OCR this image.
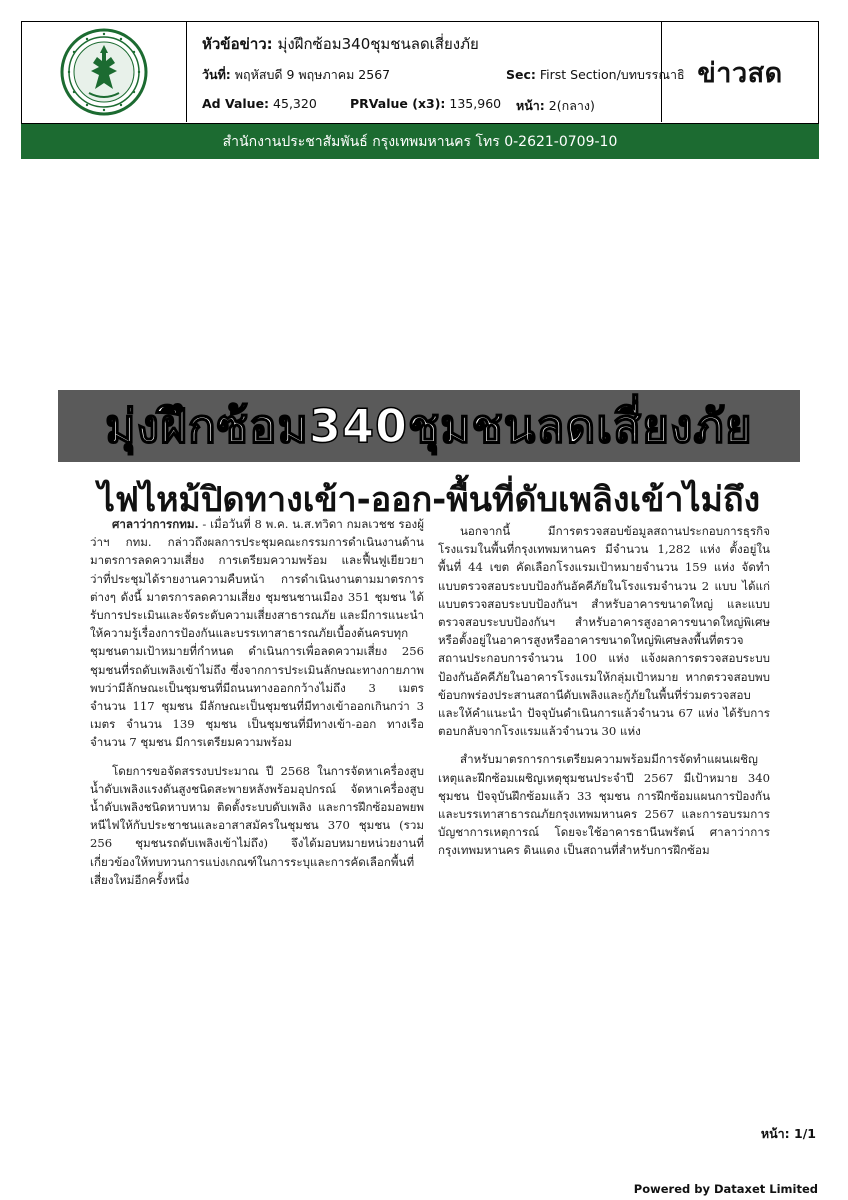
หัวข้อข่าว: มุ่งฝึกซ้อม340ชุมชนลดเสี่ยงภัย
วันที่: พฤหัสบดี 9 พฤษภาคม 2567	Sec: First Section/บทบรรณาธิ
Ad Value: 45,320	PRValue (x3): 135,960 หน้า: 2(กลาง)
ข่าวสด
สำนักงานประชาสัมพันธ์ กรุงเทพมหานคร โทร 0-2621-0709-10
มุ่งฝึกซ้อม340ชุมชนลดเสี่ยงภัย
ไฟไหม้ปิดทางเข้า-ออก-พื้นที่ดับเพลิงเข้าไม่ถึง

ศาลาว่าการกทม. - เมื่อวันที่ 8 พ.ค. น.ส.ทวิดา กมลเวชช รองผู้ว่าฯ กทม. กล่าวถึงผลการประชุมคณะกรรมการดำเนินงานด้านมาตรการลดความเสี่ยง การเตรียมความพร้อม และฟื้นฟูเยียวยา ว่าที่ประชุมได้รายงานความคืบหน้า การดำเนินงานตามมาตรการต่างๆ ดังนี้ มาตรการลดความเสี่ยง ชุมชนชานเมือง 351 ชุมชน ได้รับการประเมินและจัดระดับความเสี่ยงสาธารณภัย และมีการแนะนำ ให้ความรู้เรื่องการป้องกันและบรรเทาสาธารณภัยเบื้องต้นครบทุกชุมชนตามเป้าหมายที่กำหนด ดำเนินการเพื่อลดความเสี่ยง 256 ชุมชนที่รถดับเพลิงเข้าไม่ถึง ซึ่งจากการประเมินลักษณะทางกายภาพพบว่ามีลักษณะเป็นชุมชนที่มีถนนทางออกกว้างไม่ถึง 3 เมตร จำนวน 117 ชุมชน มีลักษณะเป็นชุมชนที่มีทางเข้าออกเกินกว่า 3 เมตร จำนวน 139 ชุมชน เป็นชุมชนที่มีทางเข้า-ออก ทางเรือ จำนวน 7 ชุมชน มีการเตรียมความพร้อม

โดยการขอจัดสรรงบประมาณ ปี 2568 ในการจัดหาเครื่องสูบน้ำดับเพลิงแรงดันสูงชนิดสะพายหลังพร้อมอุปกรณ์ จัดหาเครื่องสูบน้ำดับเพลิงชนิดหาบหาม ติดตั้งระบบดับเพลิง และการฝึกซ้อมอพยพหนีไฟให้กับประชาชนและอาสาสมัครในชุมชน 370 ชุมชน (รวม 256 ชุมชนรถดับเพลิงเข้าไม่ถึง) จึงได้มอบหมายหน่วยงานที่เกี่ยวข้องให้ทบทวนการแบ่งเกณฑ์ในการระบุและการคัดเลือกพื้นที่เสี่ยงใหม่อีกครั้งหนึ่ง

นอกจากนี้ มีการตรวจสอบข้อมูลสถานประกอบการธุรกิจโรงแรมในพื้นที่กรุงเทพมหานคร มีจำนวน 1,282 แห่ง ตั้งอยู่ในพื้นที่ 44 เขต คัดเลือกโรงแรมเป้าหมายจำนวน 159 แห่ง จัดทำแบบตรวจสอบระบบป้องกันอัคคีภัยในโรงแรมจำนวน 2 แบบ ได้แก่ แบบตรวจสอบระบบป้องกันฯ สำหรับอาคารขนาดใหญ่ และแบบตรวจสอบระบบป้องกันฯ สำหรับอาคารสูงอาคารขนาดใหญ่พิเศษ หรือตั้งอยู่ในอาคารสูงหรืออาคารขนาดใหญ่พิเศษลงพื้นที่ตรวจสถานประกอบการจำนวน 100 แห่ง แจ้งผลการตรวจสอบระบบป้องกันอัคคีภัยในอาคารโรงแรมให้กลุ่มเป้าหมาย หากตรวจสอบพบข้อบกพร่องประสานสถานีดับเพลิงและกู้ภัยในพื้นที่ร่วมตรวจสอบและให้คำแนะนำ ปัจจุบันดำเนินการแล้วจำนวน 67 แห่ง ได้รับการตอบกลับจากโรงแรมแล้วจำนวน 30 แห่ง

สำหรับมาตรการการเตรียมความพร้อมมีการจัดทำแผนเผชิญเหตุและฝึกซ้อมเผชิญเหตุชุมชนประจำปี 2567 มีเป้าหมาย 340 ชุมชน ปัจจุบันฝึกซ้อมแล้ว 33 ชุมชน การฝึกซ้อมแผนการป้องกันและบรรเทาสาธารณภัยกรุงเทพมหานคร 2567 และการอบรมการบัญชาการเหตุการณ์ โดยจะใช้อาคารธานีนพรัตน์ ศาลาว่าการกรุงเทพมหานคร ดินแดง เป็นสถานที่สำหรับการฝึกซ้อม

หน้า: 1/1
Powered by Dataxet Limited
